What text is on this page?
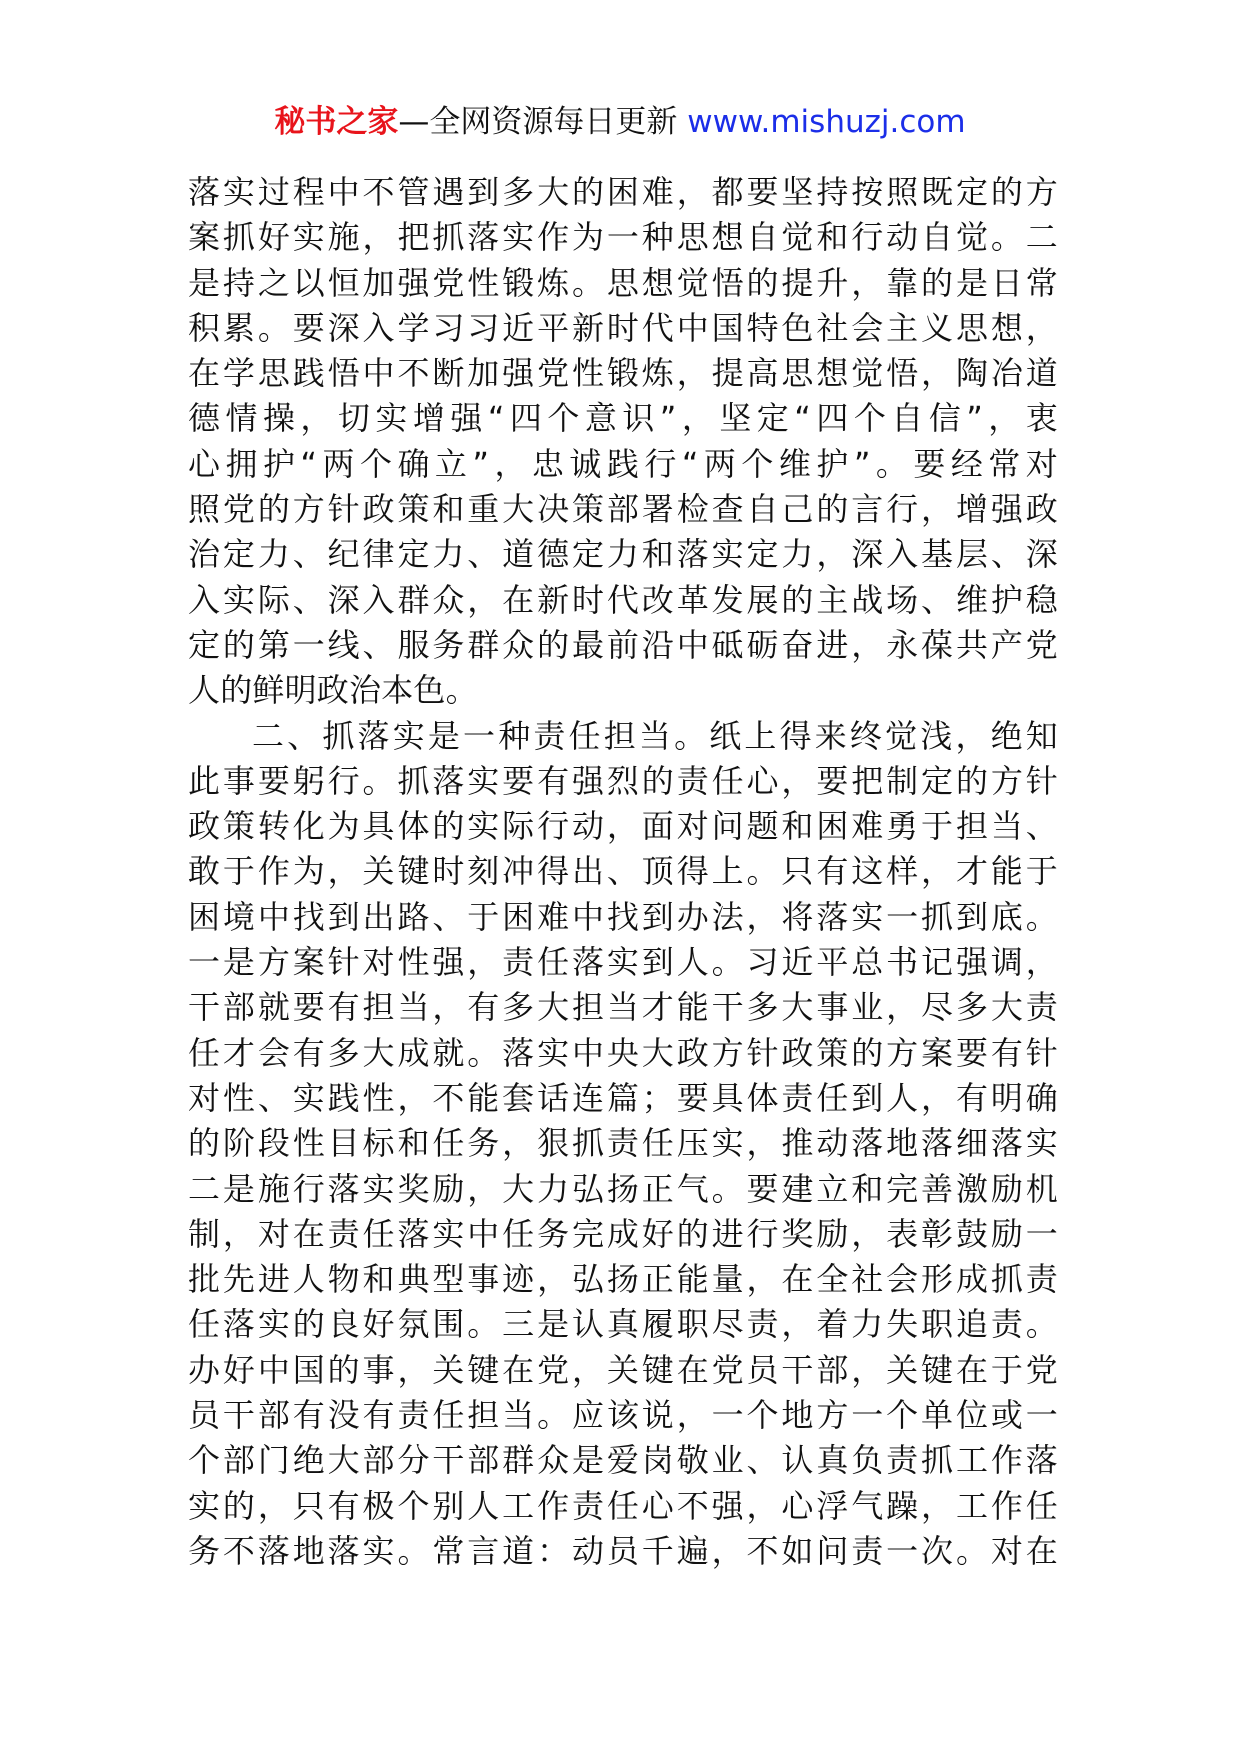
秘书之家—全网资源每日更新 www.mishuzj.com
落实过程中不管遇到多大的困难，都要坚持按照既定的方
案抓好实施，把抓落实作为一种思想自觉和行动自觉。二
是持之以恒加强党性锻炼。思想觉悟的提升，靠的是日常
积累。要深入学习习近平新时代中国特色社会主义思想，
在学思践悟中不断加强党性锻炼，提高思想觉悟，陶冶道
德情操，切实增强“四个意识”，坚定“四个自信”，衷
心拥护“两个确立”，忠诚践行“两个维护”。要经常对
照党的方针政策和重大决策部署检查自己的言行，增强政
治定力、纪律定力、道德定力和落实定力，深入基层、深
入实际、深入群众，在新时代改革发展的主战场、维护稳
定的第一线、服务群众的最前沿中砥砺奋进，永葆共产党
人的鲜明政治本色。
二、抓落实是一种责任担当。纸上得来终觉浅，绝知
此事要躬行。抓落实要有强烈的责任心，要把制定的方针
政策转化为具体的实际行动，面对问题和困难勇于担当、
敢于作为，关键时刻冲得出、顶得上。只有这样，才能于
困境中找到出路、于困难中找到办法，将落实一抓到底。
一是方案针对性强，责任落实到人。习近平总书记强调，
干部就要有担当，有多大担当才能干多大事业，尽多大责
任才会有多大成就。落实中央大政方针政策的方案要有针
对性、实践性，不能套话连篇；要具体责任到人，有明确
的阶段性目标和任务，狠抓责任压实，推动落地落细落实
二是施行落实奖励，大力弘扬正气。要建立和完善激励机
制，对在责任落实中任务完成好的进行奖励，表彰鼓励一
批先进人物和典型事迹，弘扬正能量，在全社会形成抓责
任落实的良好氛围。三是认真履职尽责，着力失职追责。
办好中国的事，关键在党，关键在党员干部，关键在于党
员干部有没有责任担当。应该说，一个地方一个单位或一
个部门绝大部分干部群众是爱岗敬业、认真负责抓工作落
实的，只有极个别人工作责任心不强，心浮气躁，工作任
务不落地落实。常言道：动员千遍，不如问责一次。对在
